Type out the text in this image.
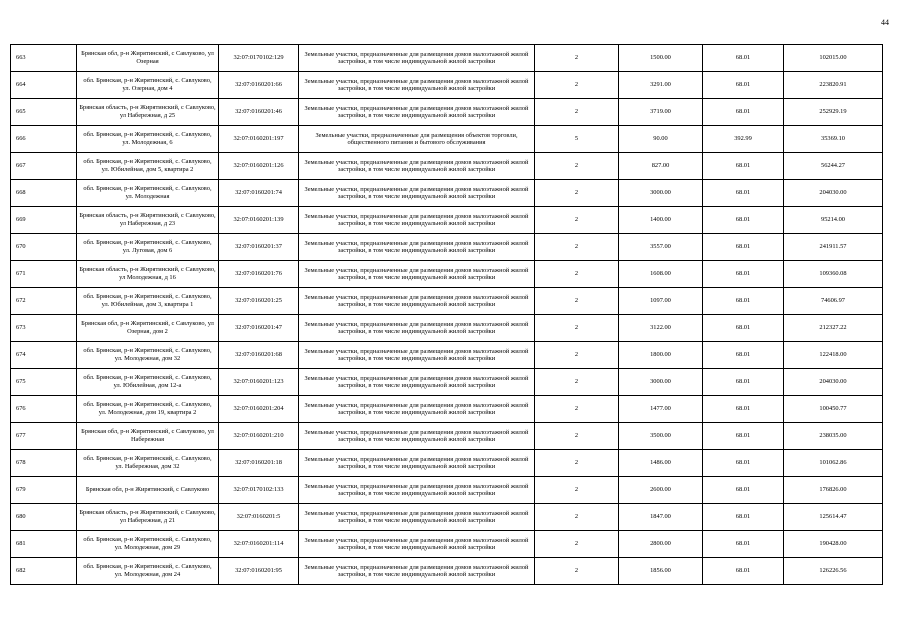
44
663	Брянская обл, р-н Жирятинский, с Савлуково, ул Озерная	32:07:0170102:129	Земельные участки, предназначенные для размещения домов малоэтажной жилой застройки, в том числе индивидуальной жилой застройки	2	1500.00	68.01	102015.00
664	обл. Брянская, р-н Жирятинский, с. Савлуково, ул. Озерная, дом 4	32:07:0160201:66	Земельные участки, предназначенные для размещения домов малоэтажной жилой застройки, в том числе индивидуальной жилой застройки	2	3291.00	68.01	223820.91
665	Брянская область, р-н Жирятинский, с Савлуково, ул Набережная, д 25	32:07:0160201:46	Земельные участки, предназначенные для размещения домов малоэтажной жилой застройки, в том числе индивидуальной жилой застройки	2	3719.00	68.01	252929.19
666	обл. Брянская, р-н Жирятинский, с. Савлуково, ул. Молодежная, 6	32:07:0160201:197	Земельные участки, предназначенные для размещения объектов торговли, общественного питания и бытового обслуживания	5	90.00	392.99	35369.10
667	обл. Брянская, р-н Жирятинский, с. Савлуково, ул. Юбилейная, дом 5, квартира 2	32:07:0160201:126	Земельные участки, предназначенные для размещения домов малоэтажной жилой застройки, в том числе индивидуальной жилой застройки	2	827.00	68.01	56244.27
668	обл. Брянская, р-н Жирятинский, с. Савлуково, ул. Молодежная	32:07:0160201:74	Земельные участки, предназначенные для размещения домов малоэтажной жилой застройки, в том числе индивидуальной жилой застройки	2	3000.00	68.01	204030.00
669	Брянская область, р-н Жирятинский, с Савлуково, ул Набережная, д 23	32:07:0160201:139	Земельные участки, предназначенные для размещения домов малоэтажной жилой застройки, в том числе индивидуальной жилой застройки	2	1400.00	68.01	95214.00
670	обл. Брянская, р-н Жирятинский, с. Савлуково, ул. Луговая, дом 6	32:07:0160201:37	Земельные участки, предназначенные для размещения домов малоэтажной жилой застройки, в том числе индивидуальной жилой застройки	2	3557.00	68.01	241911.57
671	Брянская область, р-н Жирятинский, с Савлуково, ул Молодежная, д 16	32:07:0160201:76	Земельные участки, предназначенные для размещения домов малоэтажной жилой застройки, в том числе индивидуальной жилой застройки	2	1608.00	68.01	109360.08
672	обл. Брянская, р-н Жирятинский, с. Савлуково, ул. Юбилейная, дом 3, квартира 1	32:07:0160201:25	Земельные участки, предназначенные для размещения домов малоэтажной жилой застройки, в том числе индивидуальной жилой застройки	2	1097.00	68.01	74606.97
673	Брянская обл, р-н Жирятинский, с Савлуково, ул Озерная, дом 2	32:07:0160201:47	Земельные участки, предназначенные для размещения домов малоэтажной жилой застройки, в том числе индивидуальной жилой застройки	2	3122.00	68.01	212327.22
674	обл. Брянская, р-н Жирятинский, с. Савлуково, ул. Молодежная, дом 32	32:07:0160201:68	Земельные участки, предназначенные для размещения домов малоэтажной жилой застройки, в том числе индивидуальной жилой застройки	2	1800.00	68.01	122418.00
675	обл. Брянская, р-н Жирятинский, с. Савлуково, ул. Юбилейная, дом 12-а	32:07:0160201:123	Земельные участки, предназначенные для размещения домов малоэтажной жилой застройки, в том числе индивидуальной жилой застройки	2	3000.00	68.01	204030.00
676	обл. Брянская, р-н Жирятинский, с. Савлуково, ул. Молодежная, дом 19, квартира 2	32:07:0160201:204	Земельные участки, предназначенные для размещения домов малоэтажной жилой застройки, в том числе индивидуальной жилой застройки	2	1477.00	68.01	100450.77
677	Брянская обл, р-н Жирятинский, с Савлуково, ул Набережная	32:07:0160201:210	Земельные участки, предназначенные для размещения домов малоэтажной жилой застройки, в том числе индивидуальной жилой застройки	2	3500.00	68.01	238035.00
678	обл. Брянская, р-н Жирятинский, с. Савлуково, ул. Набережная, дом 32	32:07:0160201:18	Земельные участки, предназначенные для размещения домов малоэтажной жилой застройки, в том числе индивидуальной жилой застройки	2	1486.00	68.01	101062.86
679	Брянская обл, р-н Жирятинский, с Савлуково	32:07:0170102:133	Земельные участки, предназначенные для размещения домов малоэтажной жилой застройки, в том числе индивидуальной жилой застройки	2	2600.00	68.01	176826.00
680	Брянская область, р-н Жирятинский, с Савлуково, ул Набережная, д 21	32:07:0160201:5	Земельные участки, предназначенные для размещения домов малоэтажной жилой застройки, в том числе индивидуальной жилой застройки	2	1847.00	68.01	125614.47
681	обл. Брянская, р-н Жирятинский, с. Савлуково, ул. Молодежная, дом 29	32:07:0160201:114	Земельные участки, предназначенные для размещения домов малоэтажной жилой застройки, в том числе индивидуальной жилой застройки	2	2800.00	68.01	190428.00
682	обл. Брянская, р-н Жирятинский, с. Савлуково, ул. Молодежная, дом 24	32:07:0160201:95	Земельные участки, предназначенные для размещения домов малоэтажной жилой застройки, в том числе индивидуальной жилой застройки	2	1856.00	68.01	126226.56
